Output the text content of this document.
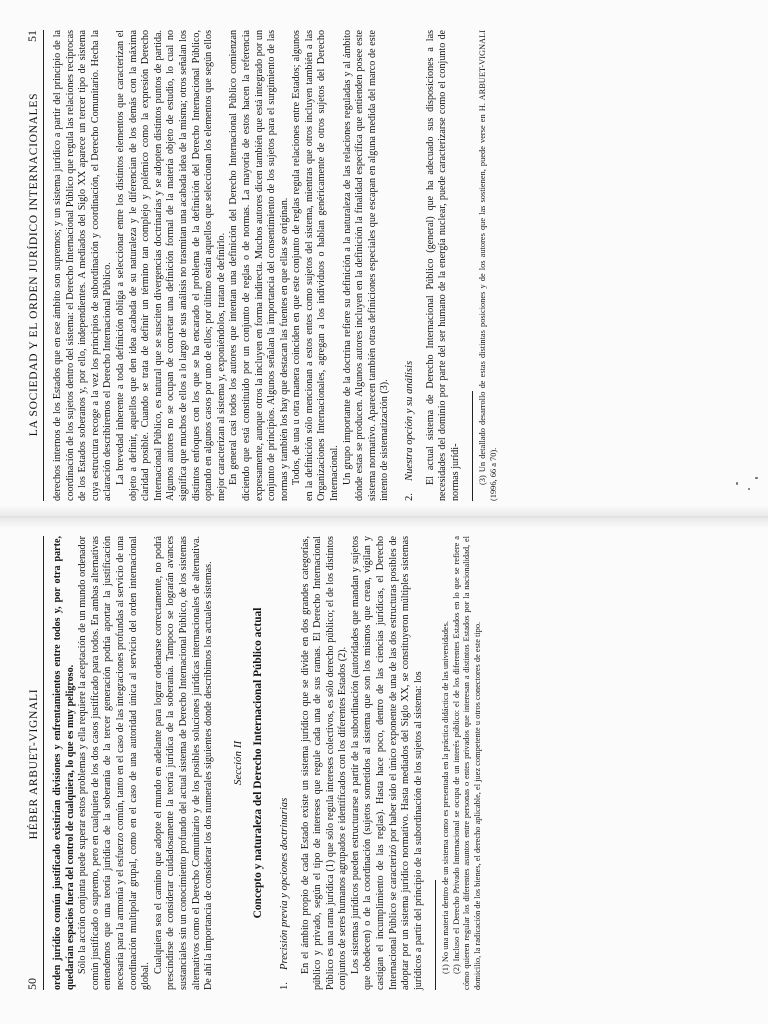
50
HÉBER ARBUET-VIGNALI orden jurídico común justificado existirían divisiones y enfrentamientos entre todos y, por otra parte, quedarían espacios fuera del control de cualquiera, lo que es muy peligroso. Sólo la acción conjunta puede superar estos problemas y ella requiere la aceptación de un mundo ordenador común justificado o supremo, pero en cualquiera de los dos casos justificado para todos. En ambas alternativas entendemos que una teoría jurídica de la soberanía de la tercer generación podría aportar la justificación necesaria para la armonía y el esfuerzo común, tanto en el caso de las integraciones profundas al servicio de una coordinación multipolar grupal, como en el caso de una autoridad única al servicio del orden internacional global.

Cualquiera sea el camino que adopte el mundo en adelante para lograr ordenarse correctamente, no podrá prescindirse de considerar cuidadosamente la teoría jurídica de la soberanía. Tampoco se lograrán avances sustanciales sin un conocimiento profundo del actual sistema de Derecho Internacional Público, de los sistemas alternativos como el Derecho Comunitario y de los posibles soluciones jurídicas internacionales de alternativa. De ahí la importancia de considerar los dos numerales siguientes donde describimos los actuales sistemas. Sección II Concepto y naturaleza del Derecho Internacional Público actual
1.Precisión previa y opciones doctrinarias En el ámbito propio de cada Estado existe un sistema jurídico que se divide en dos grandes categorías, público y privado, según el tipo de intereses que regule cada una de sus ramas. El Derecho Internacional Público es una rama jurídica (1) que sólo regula intereses colectivos, es sólo derecho público; el de los distintos conjuntos de seres humanos agrupados e identificados con los diferentes Estados (2). Los sistemas jurídicos pueden estructurarse a partir de la subordinación (autoridades que mandan y sujetos que obedecen) o de la coordinación (sujetos sometidos al sistema que son los mismos que crean, vigilan y castigan el incumplimiento de las reglas). Hasta hace poco, dentro de las ciencias jurídicas, el Derecho Internacional Público se caracterizó por haber sido el único exponente de una de las dos estructuras posibles de adoptar por un sistema jurídico normativo. Hasta mediados del Siglo XX, se constituyeron múltiples sistemas jurídicos a partir del principio de la subordinación de los sujetos al sistema: los (1) No una materia dentro de un sistema como es presentada en la práctica didáctica de las universidades. (2) Incluso el Derecho Privado Internacional se ocupa de un interés público: el de los diferentes Estados en lo que se refiere a cómo quieren regular los diferentes asuntos entre personas o entes privados que interesan a distintos Estados por la nacionalidad, el domicilio, la radicación de los bienes, el derecho aplicable, el juez competente u otros conectores de este tipo.

LA SOCIEDAD Y EL ORDEN JURÍDICO INTERNACIONALES
51 derechos internos de los Estados que en ese ámbito son supremos; y un sistema jurídico a partir del principio de la coordinación de los sujetos dentro del sistema: el Derecho Internacional Público que regula las relaciones recíprocas de los Estados soberanos y, por ello, independientes. A mediados del Siglo XX aparece un tercer tipo de sistema cuya estructura recoge a la vez los principios de subordinación y coordinación, el Derecho Comunitario. Hecha la aclaración describiremos el Derecho Internacional Público. La brevedad inherente a toda definición obliga a seleccionar entre los distintos elementos que caracterizan el objeto a definir, aquellos que den idea acabada de su naturaleza y le diferencian de los demás con la máxima claridad posible. Cuando se trata de definir un término tan complejo y polémico como la expresión Derecho Internacional Público, es natural que se susciten divergencias doctrinarias y se adopten distintos puntos de partida. Algunos autores no se ocupan de concretar una definición formal de la materia objeto de estudio, lo cual no significa que muchos de ellos a lo largo de sus análisis no trasmitan una acabada idea de la misma; otros señalan los distintos enfoques con los que se ha encarado el problema de la definición del Derecho Internacional Público, optando en algunos casos por uno de ellos; por último están aquellos que seleccionan los elementos que según ellos mejor caracterizan al sistema y, exponiéndolos, tratan de definirlo. En general casi todos los autores que intentan una definición del Derecho Internacional Público comienzan diciendo que está constituido por un conjunto de reglas o de normas. La mayoría de estos hacen la referencia expresamente, aunque otros la incluyen en forma indirecta. Muchos autores dicen también que está integrado por un conjunto de principios. Algunos señalan la importancia del consentimiento de los sujetos para el surgimiento de las normas y también los hay que destacan las fuentes en que ellas se originan. Todos, de una u otra manera coinciden en que este conjunto de reglas regula relaciones entre Estados; algunos en la definición sólo mencionan a estos entes como sujetos del sistema, mientras que otros incluyen también a las Organizaciones Internacionales, agregan a los individuos o hablan genéricamente de otros sujetos del Derecho Internacional. Un grupo importante de la doctrina refiere su definición a la naturaleza de las relaciones reguladas y al ámbito dónde estas se producen. Algunos autores incluyen en la definición la finalidad específica que entienden posee este sistema normativo. Aparecen también otras definiciones especiales que escapan en alguna medida del marco de este intento de sistematización (3). 2.Nuestra opción y su análisis El actual sistema de Derecho Internacional Público (general) que ha adecuado sus disposiciones a las necesidades del dominio por parte del ser humano de la energía nuclear, puede caracterizarse como el conjunto de normas jurídi- (3) Un detallado desarrollo de estas distintas posiciones y de los autores que las sostienen, puede verse en H. ARBUET-VIGNALI (1996, 66 a 70).
